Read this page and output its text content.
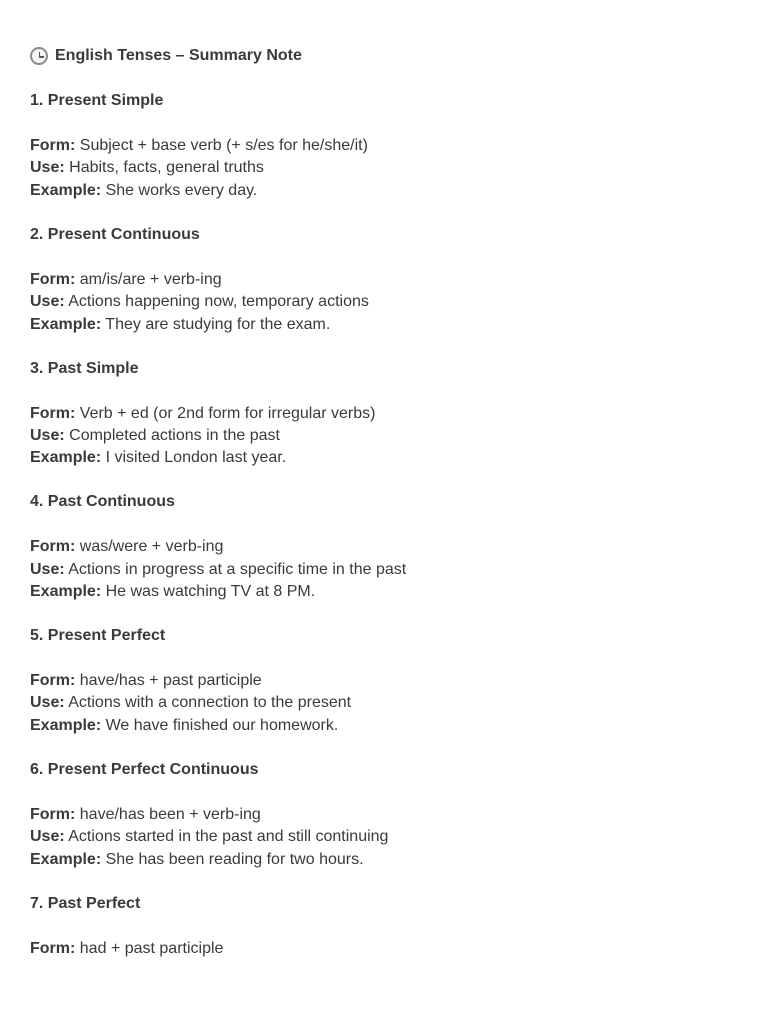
English Tenses – Summary Note
1. Present Simple
Form: Subject + base verb (+ s/es for he/she/it)
Use: Habits, facts, general truths
Example: She works every day.
2. Present Continuous
Form: am/is/are + verb-ing
Use: Actions happening now, temporary actions
Example: They are studying for the exam.
3. Past Simple
Form: Verb + ed (or 2nd form for irregular verbs)
Use: Completed actions in the past
Example: I visited London last year.
4. Past Continuous
Form: was/were + verb-ing
Use: Actions in progress at a specific time in the past
Example: He was watching TV at 8 PM.
5. Present Perfect
Form: have/has + past participle
Use: Actions with a connection to the present
Example: We have finished our homework.
6. Present Perfect Continuous
Form: have/has been + verb-ing
Use: Actions started in the past and still continuing
Example: She has been reading for two hours.
7. Past Perfect
Form: had + past participle
